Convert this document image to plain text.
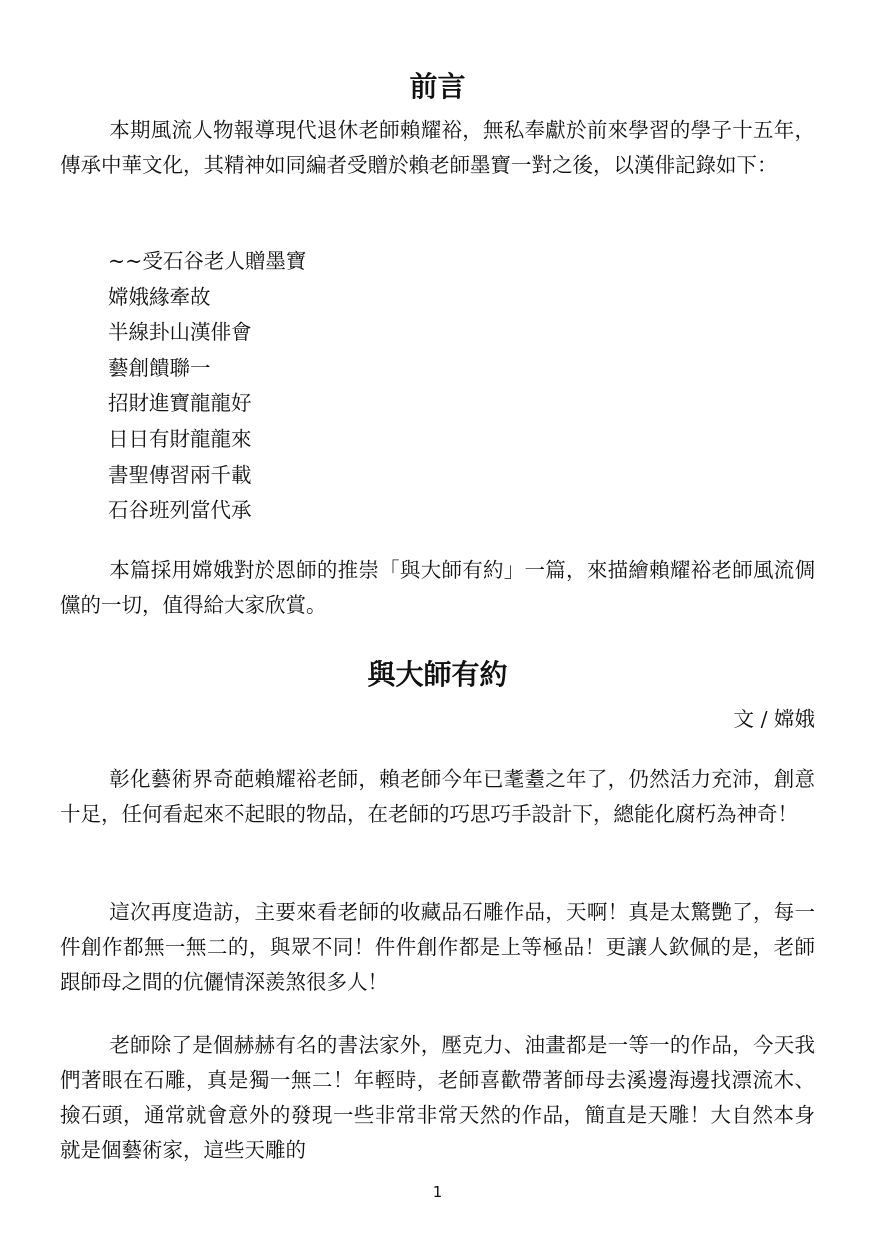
前言

本期風流人物報導現代退休老師賴耀裕，無私奉獻於前來學習的學子十五年，傳承中華文化，其精神如同編者受贈於賴老師墨寶一對之後，以漢俳記錄如下：

~~受石谷老人贈墨寶
嫦娥緣牽故
半線卦山漢俳會
藝創饋聯一
招財進寶龍龍好
日日有財龍龍來
書聖傳習兩千載
石谷班列當代承

本篇採用嫦娥對於恩師的推崇「與大師有約」一篇，來描繪賴耀裕老師風流倜儻的一切，值得給大家欣賞。

與大師有約

文 / 嫦娥

彰化藝術界奇葩賴耀裕老師，賴老師今年已耄耋之年了，仍然活力充沛，創意十足，任何看起來不起眼的物品，在老師的巧思巧手設計下，總能化腐朽為神奇！

這次再度造訪，主要來看老師的收藏品石雕作品，天啊！真是太驚艷了，每一件創作都無一無二的，與眾不同！件件創作都是上等極品！更讓人欽佩的是，老師跟師母之間的伉儷情深羨煞很多人！

老師除了是個赫赫有名的書法家外，壓克力、油畫都是一等一的作品，今天我們著眼在石雕，真是獨一無二！年輕時，老師喜歡帶著師母去溪邊海邊找漂流木、撿石頭，通常就會意外的發現一些非常非常天然的作品，簡直是天雕！大自然本身就是個藝術家，這些天雕的

1
